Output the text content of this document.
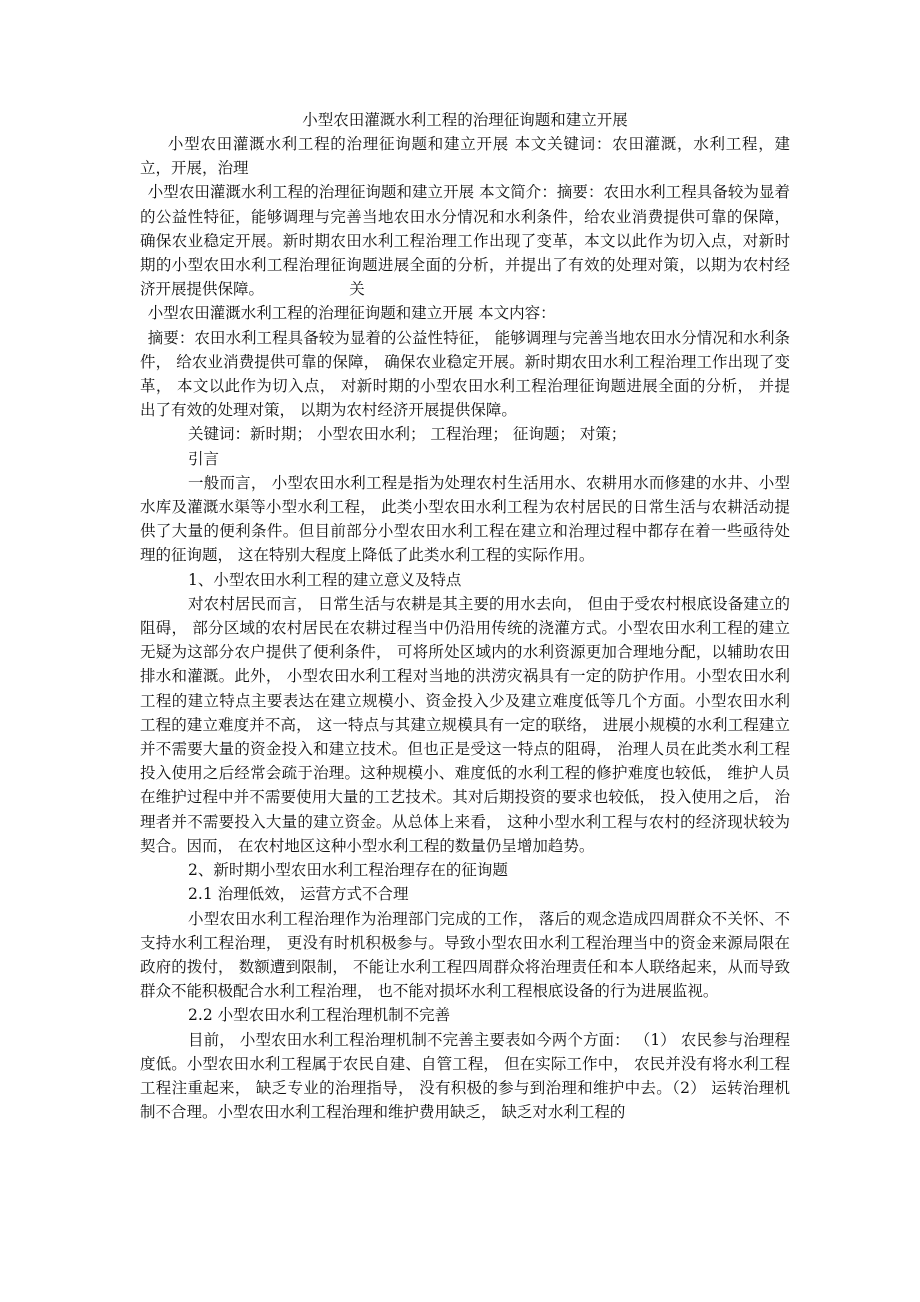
小型农田灌溉水利工程的治理征询题和建立开展

小型农田灌溉水利工程的治理征询题和建立开展 本文关键词：农田灌溉，水利工程，建立，开展，治理

小型农田灌溉水利工程的治理征询题和建立开展 本文简介：摘要：农田水利工程具备较为显着的公益性特征，能够调理与完善当地农田水分情况和水利条件，给农业消费提供可靠的保障，确保农业稳定开展。新时期农田水利工程治理工作出现了变革，本文以此作为切入点，对新时期的小型农田水利工程治理征询题进展全面的分析，并提出了有效的处理对策，以期为农村经济开展提供保障。　　　　　　关

小型农田灌溉水利工程的治理征询题和建立开展 本文内容：

摘要：农田水利工程具备较为显着的公益性特征， 能够调理与完善当地农田水分情况和水利条件， 给农业消费提供可靠的保障， 确保农业稳定开展。新时期农田水利工程治理工作出现了变革， 本文以此作为切入点， 对新时期的小型农田水利工程治理征询题进展全面的分析， 并提出了有效的处理对策， 以期为农村经济开展提供保障。

关键词：新时期； 小型农田水利； 工程治理； 征询题； 对策；

引言

一般而言， 小型农田水利工程是指为处理农村生活用水、农耕用水而修建的水井、小型水库及灌溉水渠等小型水利工程， 此类小型农田水利工程为农村居民的日常生活与农耕活动提供了大量的便利条件。但目前部分小型农田水利工程在建立和治理过程中都存在着一些亟待处理的征询题， 这在特别大程度上降低了此类水利工程的实际作用。

1、小型农田水利工程的建立意义及特点

对农村居民而言， 日常生活与农耕是其主要的用水去向， 但由于受农村根底设备建立的阻碍， 部分区域的农村居民在农耕过程当中仍沿用传统的浇灌方式。小型农田水利工程的建立无疑为这部分农户提供了便利条件， 可将所处区域内的水利资源更加合理地分配，以辅助农田排水和灌溉。此外， 小型农田水利工程对当地的洪涝灾祸具有一定的防护作用。小型农田水利工程的建立特点主要表达在建立规模小、资金投入少及建立难度低等几个方面。小型农田水利工程的建立难度并不高， 这一特点与其建立规模具有一定的联络， 进展小规模的水利工程建立并不需要大量的资金投入和建立技术。但也正是受这一特点的阻碍， 治理人员在此类水利工程投入使用之后经常会疏于治理。这种规模小、难度低的水利工程的修护难度也较低， 维护人员在维护过程中并不需要使用大量的工艺技术。其对后期投资的要求也较低， 投入使用之后， 治理者并不需要投入大量的建立资金。从总体上来看， 这种小型水利工程与农村的经济现状较为契合。因而， 在农村地区这种小型水利工程的数量仍呈增加趋势。

2、新时期小型农田水利工程治理存在的征询题

2.1 治理低效， 运营方式不合理

小型农田水利工程治理作为治理部门完成的工作， 落后的观念造成四周群众不关怀、不支持水利工程治理， 更没有时机积极参与。导致小型农田水利工程治理当中的资金来源局限在政府的拨付， 数额遭到限制， 不能让水利工程四周群众将治理责任和本人联络起来，从而导致群众不能积极配合水利工程治理， 也不能对损坏水利工程根底设备的行为进展监视。

2.2 小型农田水利工程治理机制不完善

目前， 小型农田水利工程治理机制不完善主要表如今两个方面： （1） 农民参与治理程度低。小型农田水利工程属于农民自建、自管工程， 但在实际工作中， 农民并没有将水利工程工程注重起来， 缺乏专业的治理指导， 没有积极的参与到治理和维护中去。（2） 运转治理机制不合理。小型农田水利工程治理和维护费用缺乏， 缺乏对水利工程的
